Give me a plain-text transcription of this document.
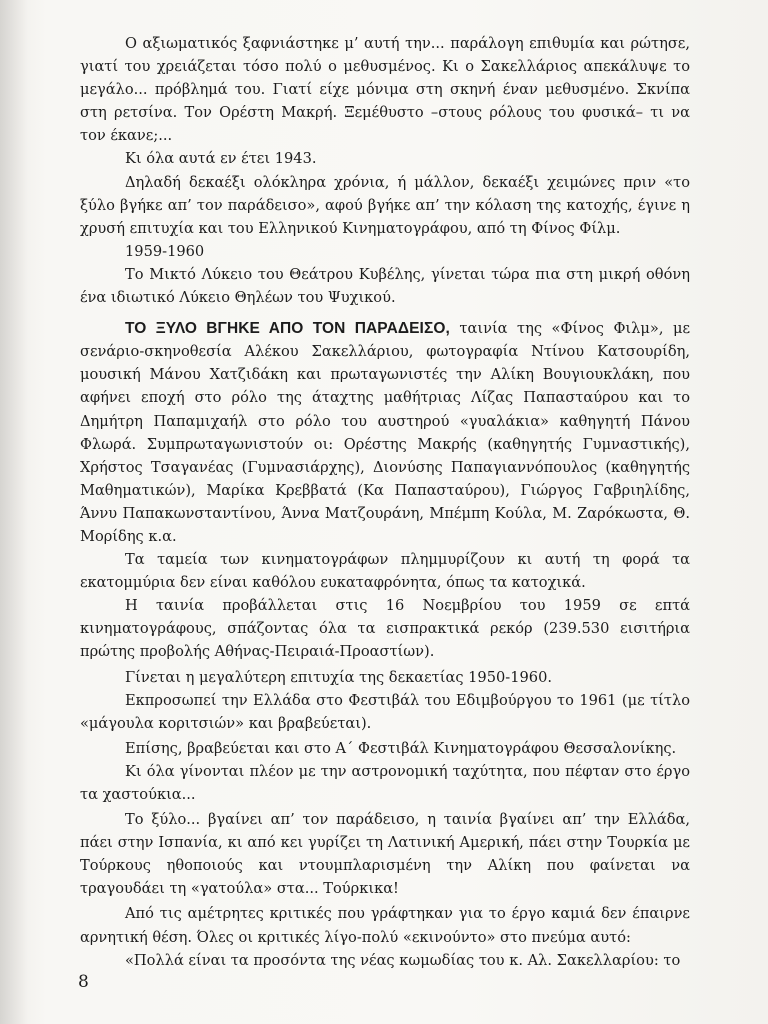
Ο αξιωματικός ξαφνιάστηκε μ’ αυτή την... παράλογη επιθυμία και ρώτησε, γιατί του χρειάζεται τόσο πολύ ο μεθυσμένος. Κι ο Σακελλάριος απεκάλυψε το μεγάλο... πρόβλημά του. Γιατί είχε μόνιμα στη σκηνή έναν μεθυσμένο. Σκνίπα στη ρετσίνα. Τον Ορέστη Μακρή. Ξεμέθυστο –στους ρόλους του φυσικά– τι να τον έκανε;...

Κι όλα αυτά εν έτει 1943.

Δηλαδή δεκαέξι ολόκληρα χρόνια, ή μάλλον, δεκαέξι χειμώνες πριν «το ξύλο βγήκε απ’ τον παράδεισο», αφού βγήκε απ’ την κόλαση της κατοχής, έγινε η χρυσή επιτυχία και του Ελληνικού Κινηματογράφου, από τη Φίνος Φίλμ.

1959-1960

Το Μικτό Λύκειο του Θεάτρου Κυβέλης, γίνεται τώρα πια στη μικρή οθόνη ένα ιδιωτικό Λύκειο Θηλέων του Ψυχικού.

ΤΟ ΞΥΛΟ ΒΓΗΚΕ ΑΠΟ ΤΟΝ ΠΑΡΑΔΕΙΣΟ, ταινία της «Φίνος Φιλμ», με σενάριο-σκηνοθεσία Αλέκου Σακελλάριου, φωτογραφία Ντίνου Κατσουρίδη, μουσική Μάνου Χατζιδάκη και πρωταγωνιστές την Αλίκη Βουγιουκλάκη, που αφήνει εποχή στο ρόλο της άταχτης μαθήτριας Λίζας Παπασταύρου και το Δημήτρη Παπαμιχαήλ στο ρόλο του αυστηρού «γυαλάκια» καθηγητή Πάνου Φλωρά. Συμπρωταγωνιστούν οι: Ορέστης Μακρής (καθηγητής Γυμναστικής), Χρήστος Τσαγανέας (Γυμνασιάρχης), Διονύσης Παπαγιαννόπουλος (καθηγητής Μαθηματικών), Μαρίκα Κρεββατά (Κα Παπασταύρου), Γιώργος Γαβριηλίδης, Άννυ Παπακωνσταντίνου, Άννα Ματζουράνη, Μπέμπη Κούλα, Μ. Ζαρόκωστα, Θ. Μορίδης κ.α.

Τα ταμεία των κινηματογράφων πλημμυρίζουν κι αυτή τη φορά τα εκατομμύρια δεν είναι καθόλου ευκαταφρόνητα, όπως τα κατοχικά.

Η ταινία προβάλλεται στις 16 Νοεμβρίου του 1959 σε επτά κινηματογράφους, σπάζοντας όλα τα εισπρακτικά ρεκόρ (239.530 εισιτήρια πρώτης προβολής Αθήνας-Πειραιά-Προαστίων).

Γίνεται η μεγαλύτερη επιτυχία της δεκαετίας 1950-1960.

Εκπροσωπεί την Ελλάδα στο Φεστιβάλ του Εδιμβούργου το 1961 (με τίτλο «μάγουλα κοριτσιών» και βραβεύεται).

Επίσης, βραβεύεται και στο Α΄ Φεστιβάλ Κινηματογράφου Θεσσαλονίκης.

Κι όλα γίνονται πλέον με την αστρονομική ταχύτητα, που πέφταν στο έργο τα χαστούκια...

Το ξύλο... βγαίνει απ’ τον παράδεισο, η ταινία βγαίνει απ’ την Ελλάδα, πάει στην Ισπανία, κι από κει γυρίζει τη Λατινική Αμερική, πάει στην Τουρκία με Τούρκους ηθοποιούς και ντουμπλαρισμένη την Αλίκη που φαίνεται να τραγουδάει τη «γατούλα» στα... Τούρκικα!

Από τις αμέτρητες κριτικές που γράφτηκαν για το έργο καμιά δεν έπαιρνε αρνητική θέση. Όλες οι κριτικές λίγο-πολύ «εκινούντο» στο πνεύμα αυτό:

«Πολλά είναι τα προσόντα της νέας κωμωδίας του κ. Αλ. Σακελλαρίου: το

8
